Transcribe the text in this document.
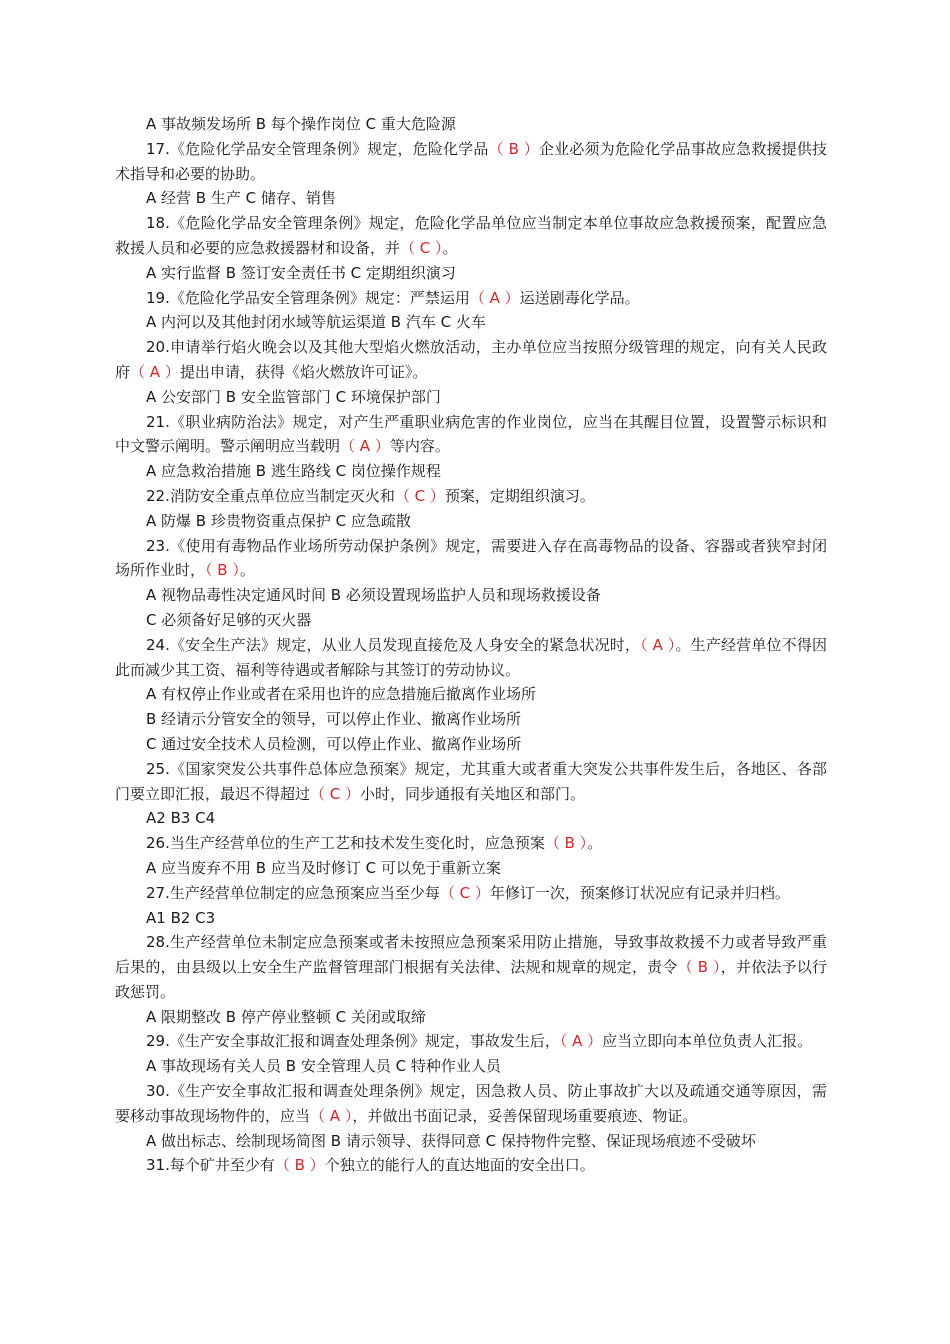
A 事故频发场所 B 每个操作岗位 C 重大危险源

17.《危险化学品安全管理条例》规定，危险化学品（ B ）企业必须为危险化学品事故应急救援提供技术指导和必要的协助。

A 经营 B 生产 C 储存、销售

18.《危险化学品安全管理条例》规定，危险化学品单位应当制定本单位事故应急救援预案，配置应急救援人员和必要的应急救援器材和设备，并（ C ）。

A 实行监督 B 签订安全责任书 C 定期组织演习

19.《危险化学品安全管理条例》规定：严禁运用（ A ）运送剧毒化学品。

A 内河以及其他封闭水域等航运渠道 B 汽车 C 火车

20.申请举行焰火晚会以及其他大型焰火燃放活动，主办单位应当按照分级管理的规定，向有关人民政府（ A ）提出申请，获得《焰火燃放许可证》。

A 公安部门 B 安全监管部门 C 环境保护部门

21.《职业病防治法》规定，对产生严重职业病危害的作业岗位，应当在其醒目位置，设置警示标识和中文警示阐明。警示阐明应当载明（ A ）等内容。

A 应急救治措施 B 逃生路线 C 岗位操作规程

22.消防安全重点单位应当制定灭火和（ C ）预案，定期组织演习。

A 防爆 B 珍贵物资重点保护 C 应急疏散

23.《使用有毒物品作业场所劳动保护条例》规定，需要进入存在高毒物品的设备、容器或者狭窄封闭场所作业时，（ B ）。

A 视物品毒性决定通风时间 B 必须设置现场监护人员和现场救援设备

C 必须备好足够的灭火器

24.《安全生产法》规定，从业人员发现直接危及人身安全的紧急状况时，（ A ）。生产经营单位不得因此而减少其工资、福利等待遇或者解除与其签订的劳动协议。

A 有权停止作业或者在采用也许的应急措施后撤离作业场所

B 经请示分管安全的领导，可以停止作业、撤离作业场所

C 通过安全技术人员检测，可以停止作业、撤离作业场所

25.《国家突发公共事件总体应急预案》规定，尤其重大或者重大突发公共事件发生后，各地区、各部门要立即汇报，最迟不得超过（ C ）小时，同步通报有关地区和部门。

A2 B3 C4

26.当生产经营单位的生产工艺和技术发生变化时，应急预案（ B ）。

A 应当废弃不用 B 应当及时修订 C 可以免于重新立案

27.生产经营单位制定的应急预案应当至少每（ C ）年修订一次，预案修订状况应有记录并归档。

A1 B2 C3

28.生产经营单位未制定应急预案或者未按照应急预案采用防止措施，导致事故救援不力或者导致严重后果的，由县级以上安全生产监督管理部门根据有关法律、法规和规章的规定，责令（ B ），并依法予以行政惩罚。

A 限期整改 B 停产停业整顿 C 关闭或取缔

29.《生产安全事故汇报和调查处理条例》规定，事故发生后，（ A ）应当立即向本单位负责人汇报。

A 事故现场有关人员 B 安全管理人员 C 特种作业人员

30.《生产安全事故汇报和调查处理条例》规定，因急救人员、防止事故扩大以及疏通交通等原因，需要移动事故现场物件的，应当（ A ），并做出书面记录，妥善保留现场重要痕迹、物证。

A 做出标志、绘制现场简图 B 请示领导、获得同意 C 保持物件完整、保证现场痕迹不受破坏

31.每个矿井至少有（ B ）个独立的能行人的直达地面的安全出口。
